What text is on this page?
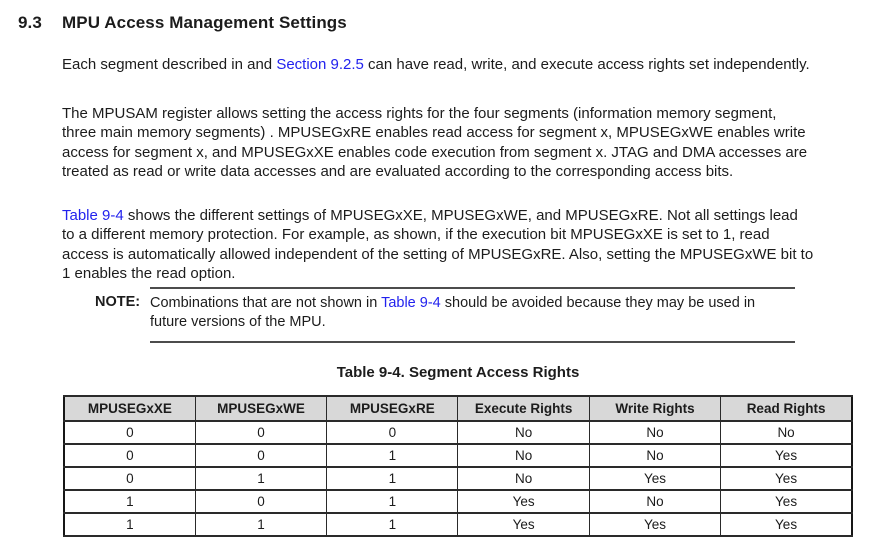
9.3	MPU Access Management Settings

Each segment described in and Section 9.2.5 can have read, write, and execute access rights set independently.

The MPUSAM register allows setting the access rights for the four segments (information memory segment, three main memory segments) . MPUSEGxRE enables read access for segment x, MPUSEGxWE enables write access for segment x, and MPUSEGxXE enables code execution from segment x. JTAG and DMA accesses are treated as read or write data accesses and are evaluated according to the corresponding access bits.

Table 9-4 shows the different settings of MPUSEGxXE, MPUSEGxWE, and MPUSEGxRE. Not all settings lead to a different memory protection. For example, as shown, if the execution bit MPUSEGxXE is set to 1, read access is automatically allowed independent of the setting of MPUSEGxRE. Also, setting the MPUSEGxWE bit to 1 enables the read option.

NOTE: Combinations that are not shown in Table 9-4 should be avoided because they may be used in future versions of the MPU.

Table 9-4. Segment Access Rights
MPUSEGxXE	MPUSEGxWE	MPUSEGxRE	Execute Rights	Write Rights	Read Rights
0	0	0	No	No	No
0	0	1	No	No	Yes
0	1	1	No	Yes	Yes
1	0	1	Yes	No	Yes
1	1	1	Yes	Yes	Yes
